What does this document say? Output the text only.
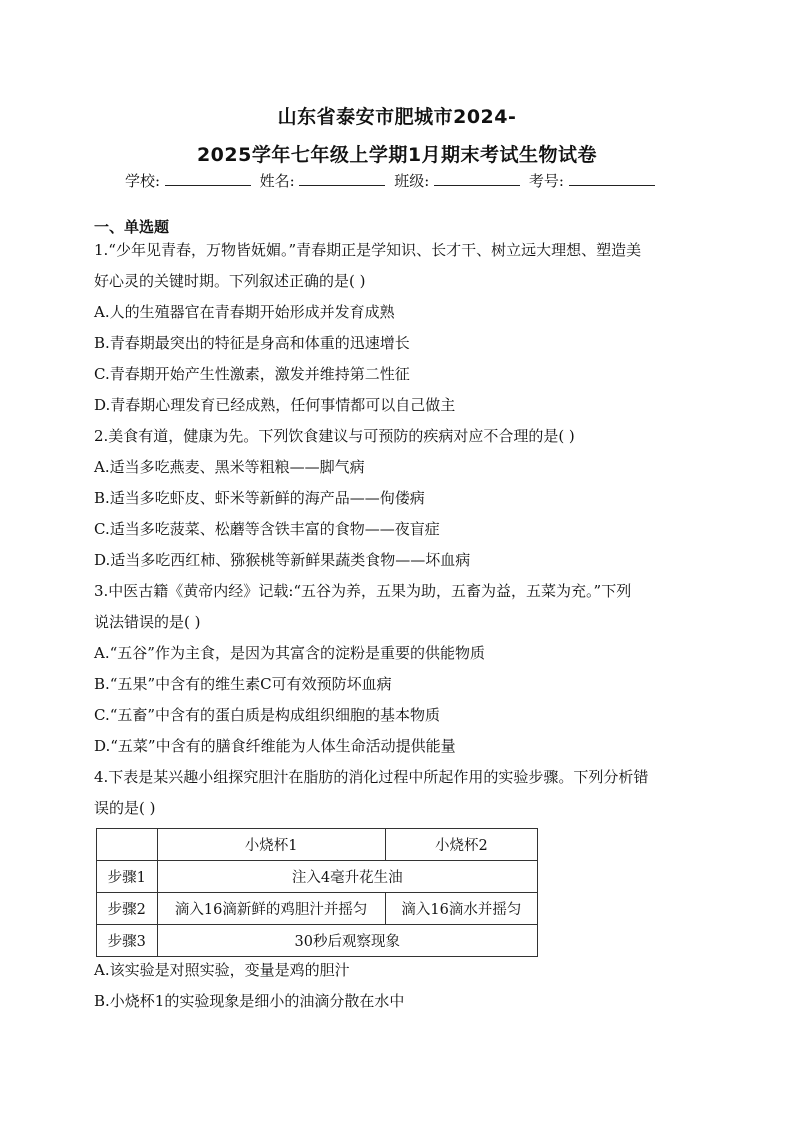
山东省泰安市肥城市2024-
2025学年七年级上学期1月期末考试生物试卷
学校:	姓名:	班级:	考号:
一、单选题
1.“少年见青春，万物皆妩媚。”青春期正是学知识、长才干、树立远大理想、塑造美
好心灵的关键时期。下列叙述正确的是( )
A.人的生殖器官在青春期开始形成并发育成熟
B.青春期最突出的特征是身高和体重的迅速增长
C.青春期开始产生性激素，激发并维持第二性征
D.青春期心理发育已经成熟，任何事情都可以自己做主
2.美食有道，健康为先。下列饮食建议与可预防的疾病对应不合理的是( )
A.适当多吃燕麦、黑米等粗粮——脚气病
B.适当多吃虾皮、虾米等新鲜的海产品——佝偻病
C.适当多吃菠菜、松蘑等含铁丰富的食物——夜盲症
D.适当多吃西红柿、猕猴桃等新鲜果蔬类食物——坏血病
3.中医古籍《黄帝内经》记载:“五谷为养，五果为助，五畜为益，五菜为充。”下列
说法错误的是( )
A.“五谷”作为主食，是因为其富含的淀粉是重要的供能物质
B.“五果”中含有的维生素C可有效预防坏血病
C.“五畜”中含有的蛋白质是构成组织细胞的基本物质
D.“五菜”中含有的膳食纤维能为人体生命活动提供能量
4.下表是某兴趣小组探究胆汁在脂肪的消化过程中所起作用的实验步骤。下列分析错
误的是( )
	小烧杯1	小烧杯2
步骤1	注入4毫升花生油	
步骤2	滴入16滴新鲜的鸡胆汁并摇匀	滴入16滴水并摇匀
步骤3	30秒后观察现象	
A.该实验是对照实验，变量是鸡的胆汁
B.小烧杯1的实验现象是细小的油滴分散在水中
